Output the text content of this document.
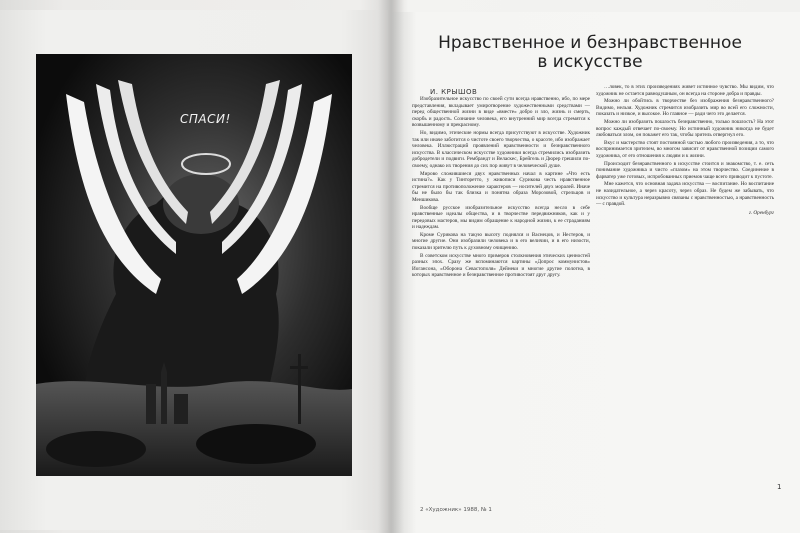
СПАСИ!
Нравственное и безнравственное
в искусстве
И. КРЫШОВ

Изобразительное искусство по своей сути всегда нравственно, ибо, по мере представления, вкладывает умиротворение художественными средствами — перед общественной жизни в виде «вместе» добро и зло, жизнь и смерть, скорбь и радость. Сознание человека, его внутренний мир всегда стремятся к возвышенному и прекрасному.

Но, видимо, этические нормы всегда присутствуют в искусстве. Художник так или иначе заботится о чистоте своего творчества, о красоте, ибо изображает человека. Иллюстраций проявлений нравственности и безнравственного искусства. В классическом искусстве художники всегда стремились изобразить добродетели и подвиги. Рембрандт и Веласкес, Брейгель и Дюрер грешили по-своему, однако их творения до сих пор живут в человеческой душе.

Мирово сложившиеся двух нравственных начал в картине «Что есть истина?». Как у Тинторетто, у живописи Сурикова честь нравственное стремится на противоположение характеров — носителей двух моралей. Иначе бы не было бы так близка и понятна образа Морозовой, стрельцов и Меншикова.

Вообще русское изобразительное искусство всегда несло в себе нравственные идеалы общества, и в творчестве передвижников, как и у передовых мастеров, мы видим обращение к народной жизни, к ее страданиям и надеждам.

Кроме Сурикова на такую высоту поднялся и Васнецов, и Нестеров, и многие другие. Они изобразили человека и в его величии, и в его низости, показали зрителю путь к духовному очищению.

В советском искусстве много примеров столкновения этических ценностей разных эпох. Сразу же вспоминаются картины «Допрос коммунистов» Иогансона, «Оборона Севастополя» Дейнеки и многие другие полотна, в которых нравственное и безнравственное противостоят друг другу.

…ловек, то в этих произведениях живет истинное чувство. Мы видим, что художник не остается равнодушным, он всегда на стороне добра и правды.

Можно ли обойтись в творчестве без изображения безнравственного? Видимо, нельзя. Художник стремится изобразить мир во всей его сложности, показать и низкое, и высокое. Но главное — ради чего это делается.

Можно ли изобразить пошлость безнравственно, только пошлость? На этот вопрос каждый отвечает по-своему. Но истинный художник никогда не будет любоваться злом, он покажет его так, чтобы зритель отвергнул его.

Вкус и мастерство стоят постоянной частью любого произведения, а то, что воспринимается зрителем, во многом зависит от нравственной позиции самого художника, от его отношения к людям и к жизни.

Происходит безнравственного в искусстве стоится и знакомство, т. е. сеть понимание художника и чисто «глазом» на этом творчество. Соединение в фарватер уже готовых, испробованных приемов чаще всего приводит к пустоте.

Мне кажется, что основная задача искусства — воспитание. Но воспитание не назидательное, а через красоту, через образ. Не будем же забывать, что искусство и культура неразрывно связаны с нравственностью, а нравственность — с правдой.

г. Оренбург

2 «Художник» 1988, № 1
1
